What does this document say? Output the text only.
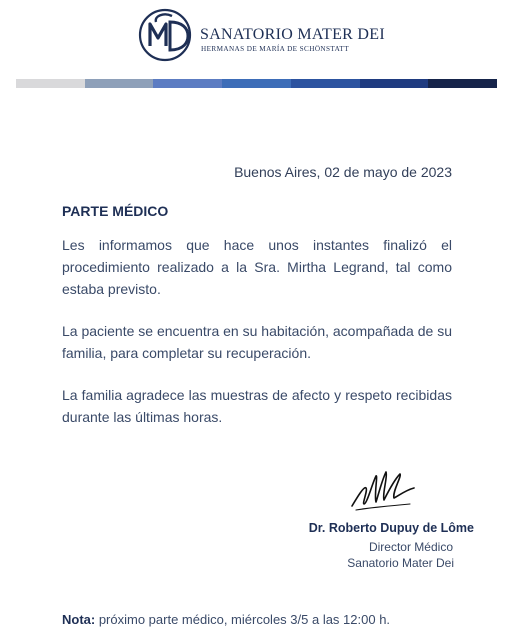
SANATORIO MATER DEI
HERMANAS DE MARÍA DE SCHÖNSTATT
Buenos Aires, 02 de mayo de 2023
PARTE MÉDICO

Les informamos que hace unos instantes finalizó el procedimiento realizado a la Sra. Mirtha Legrand, tal como estaba previsto.

La paciente se encuentra en su habitación, acompañada de su familia, para completar su recuperación.

La familia agradece las muestras de afecto y respeto recibidas durante las últimas horas.

Dr. Roberto Dupuy de Lôme
Director Médico
Sanatorio Mater Dei
Nota: próximo parte médico, miércoles 3/5 a las 12:00 h.
